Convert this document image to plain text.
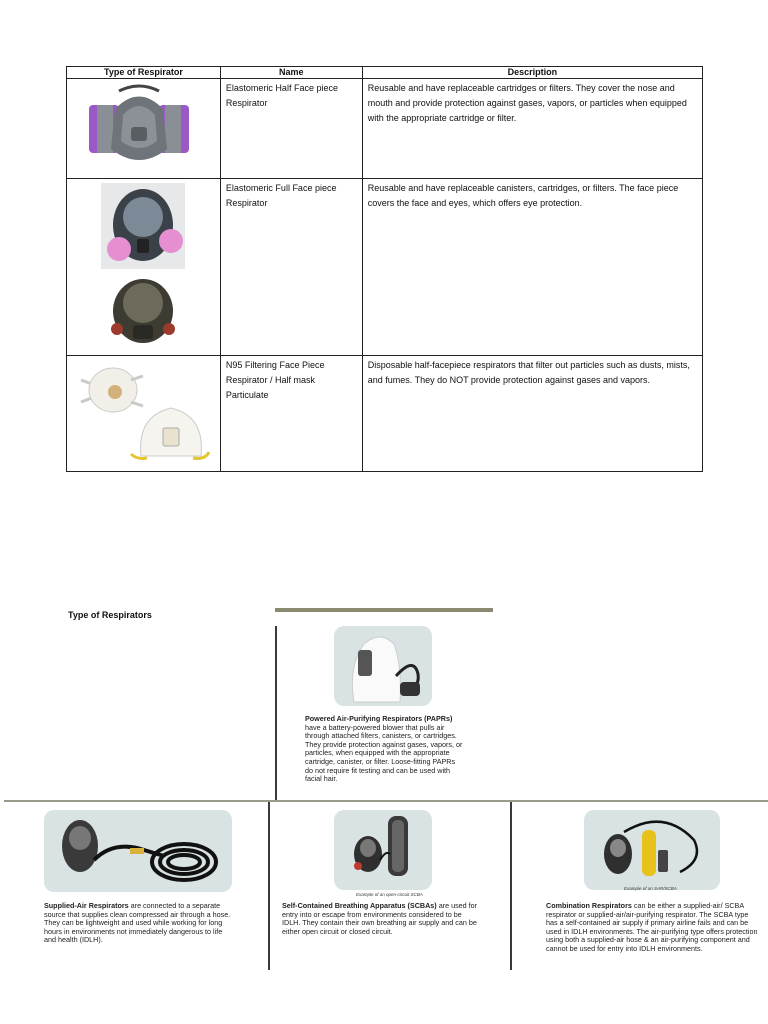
Type of Respirator	Name	Description

	Elastomeric Half Face piece Respirator	Reusable and have replaceable cartridges or filters. They cover the nose and mouth and provide protection against gases, vapors, or particles when equipped with the appropriate cartridge or filter.

	Elastomeric Full Face piece Respirator	Reusable and have replaceable canisters, cartridges, or filters. The face piece covers the face and eyes, which offers eye protection.

	N95 Filtering Face Piece Respirator / Half mask Particulate	Disposable half-facepiece respirators that filter out particles such as dusts, mists, and fumes. They do NOT provide protection against gases and vapors.
Type of Respirators
Powered Air-Purifying Respirators (PAPRs) have a battery-powered blower that pulls air through attached filters, canisters, or cartridges. They provide protection against gases, vapors, or particles, when equipped with the appropriate cartridge, canister, or filter. Loose-fitting PAPRs do not require fit testing and can be used with facial hair.
Supplied-Air Respirators are connected to a separate source that supplies clean compressed air through a hose. They can be lightweight and used while working for long hours in environments not immediately dangerous to life and health (IDLH).
Example of an open-circuit SCBA
Self-Contained Breathing Apparatus (SCBAs) are used for entry into or escape from environments considered to be IDLH. They contain their own breathing air supply and can be either open circuit or closed circuit.
Example of an SAR/SCBA
Combination Respirators can be either a supplied-air/ SCBA respirator or supplied-air/air-purifying respirator. The SCBA type has a self-contained air supply if primary airline fails and can be used in IDLH environments. The air-purifying type offers protection using both a supplied-air hose & an air-purifying component and cannot be used for entry into IDLH environments.
